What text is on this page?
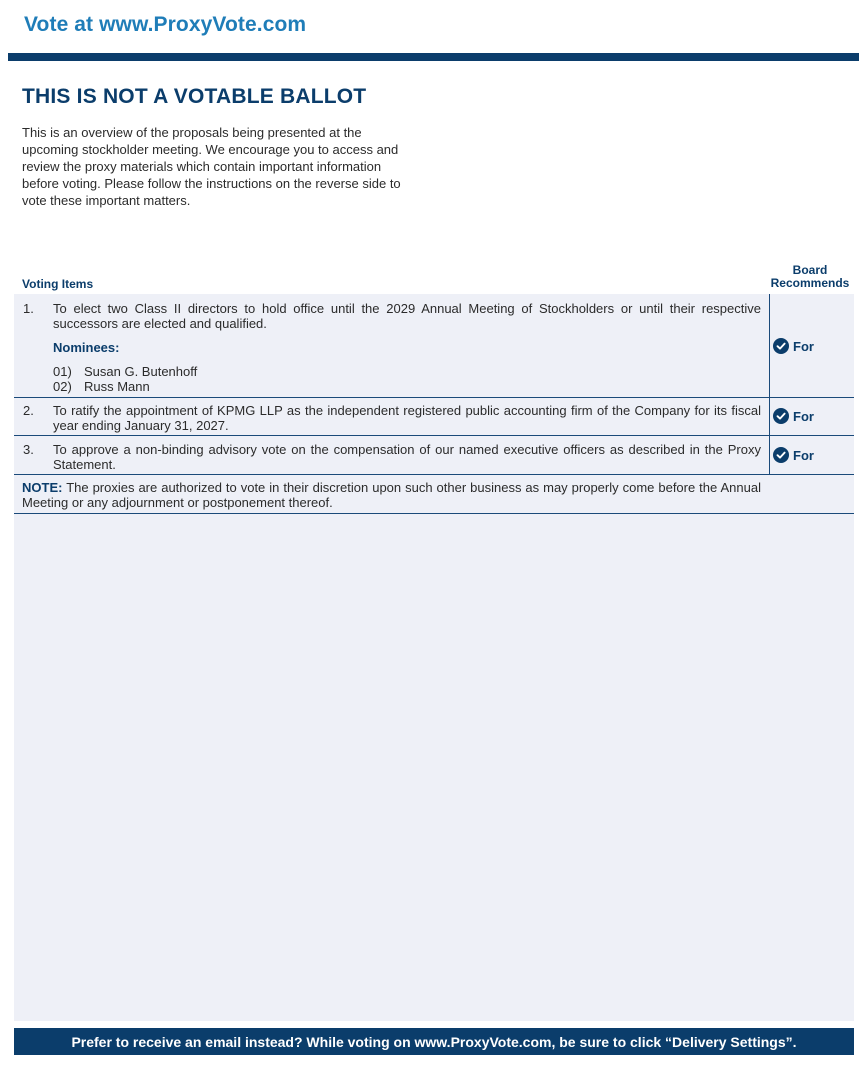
Vote at www.ProxyVote.com
THIS IS NOT A VOTABLE BALLOT

This is an overview of the proposals being presented at the upcoming stockholder meeting. We encourage you to access and review the proxy materials which contain important information before voting. Please follow the instructions on the reverse side to vote these important matters.

Voting Items
Board
Recommends
1. To elect two Class II directors to hold office until the 2029 Annual Meeting of Stockholders or until their respective successors are elected and qualified.
Nominees:
01) Susan G. Butenhoff
02) Russ Mann
For
2. To ratify the appointment of KPMG LLP as the independent registered public accounting firm of the Company for its fiscal year ending January 31, 2027.
For
3. To approve a non-binding advisory vote on the compensation of our named executive officers as described in the Proxy Statement.
For
NOTE: The proxies are authorized to vote in their discretion upon such other business as may properly come before the Annual Meeting or any adjournment or postponement thereof.
Prefer to receive an email instead? While voting on www.ProxyVote.com, be sure to click “Delivery Settings”.
